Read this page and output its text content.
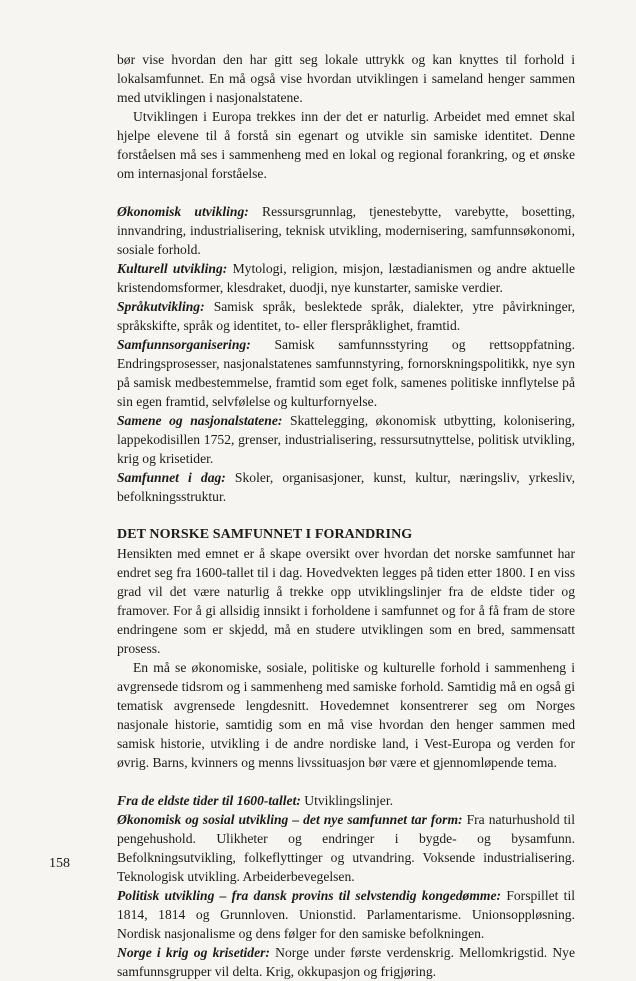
bør vise hvordan den har gitt seg lokale uttrykk og kan knyttes til forhold i lokalsamfunnet. En må også vise hvordan utviklingen i sameland henger sammen med utviklingen i nasjonalstatene.

Utviklingen i Europa trekkes inn der det er naturlig. Arbeidet med emnet skal hjelpe elevene til å forstå sin egenart og utvikle sin samiske identitet. Denne forståelsen må ses i sammenheng med en lokal og regional forankring, og et ønske om internasjonal forståelse.

Økonomisk utvikling: Ressursgrunnlag, tjenestebytte, varebytte, bosetting, innvandring, industrialisering, teknisk utvikling, modernisering, samfunnsøkonomi, sosiale forhold.

Kulturell utvikling: Mytologi, religion, misjon, læstadianismen og andre aktuelle kristendomsformer, klesdraket, duodji, nye kunstarter, samiske verdier.

Språkutvikling: Samisk språk, beslektede språk, dialekter, ytre påvirkninger, språkskifte, språk og identitet, to- eller flerspråklighet, framtid.

Samfunnsorganisering: Samisk samfunnsstyring og rettsoppfatning. Endringsprosesser, nasjonalstatenes samfunnstyring, fornorskningspolitikk, nye syn på samisk medbestemmelse, framtid som eget folk, samenes politiske innflytelse på sin egen framtid, selvfølelse og kulturfornyelse.

Samene og nasjonalstatene: Skattelegging, økonomisk utbytting, kolonisering, lappekodisillen 1752, grenser, industrialisering, ressursutnyttelse, politisk utvikling, krig og krisetider.

Samfunnet i dag: Skoler, organisasjoner, kunst, kultur, næringsliv, yrkesliv, befolkningsstruktur.

DET NORSKE SAMFUNNET I FORANDRING

Hensikten med emnet er å skape oversikt over hvordan det norske samfunnet har endret seg fra 1600-tallet til i dag. Hovedvekten legges på tiden etter 1800. I en viss grad vil det være naturlig å trekke opp utviklingslinjer fra de eldste tider og framover. For å gi allsidig innsikt i forholdene i samfunnet og for å få fram de store endringene som er skjedd, må en studere utviklingen som en bred, sammensatt prosess.

En må se økonomiske, sosiale, politiske og kulturelle forhold i sammenheng i avgrensede tidsrom og i sammenheng med samiske forhold. Samtidig må en også gi tematisk avgrensede lengdesnitt. Hovedemnet konsentrerer seg om Norges nasjonale historie, samtidig som en må vise hvordan den henger sammen med samisk historie, utvikling i de andre nordiske land, i Vest-Europa og verden for øvrig. Barns, kvinners og menns livssituasjon bør være et gjennomløpende tema.

Fra de eldste tider til 1600-tallet: Utviklingslinjer.

Økonomisk og sosial utvikling – det nye samfunnet tar form: Fra naturhushold til pengehushold. Ulikheter og endringer i bygde- og bysamfunn. Befolkningsutvikling, folkeflyttinger og utvandring. Voksende industrialisering. Teknologisk utvikling. Arbeiderbevegelsen.

Politisk utvikling – fra dansk provins til selvstendig kongedømme: Forspillet til 1814, 1814 og Grunnloven. Unionstid. Parlamentarisme. Unionsoppløsning. Nordisk nasjonalisme og dens følger for den samiske befolkningen.

Norge i krig og krisetider: Norge under første verdenskrig. Mellomkrigstid. Nye samfunnsgrupper vil delta. Krig, okkupasjon og frigjøring.

158
